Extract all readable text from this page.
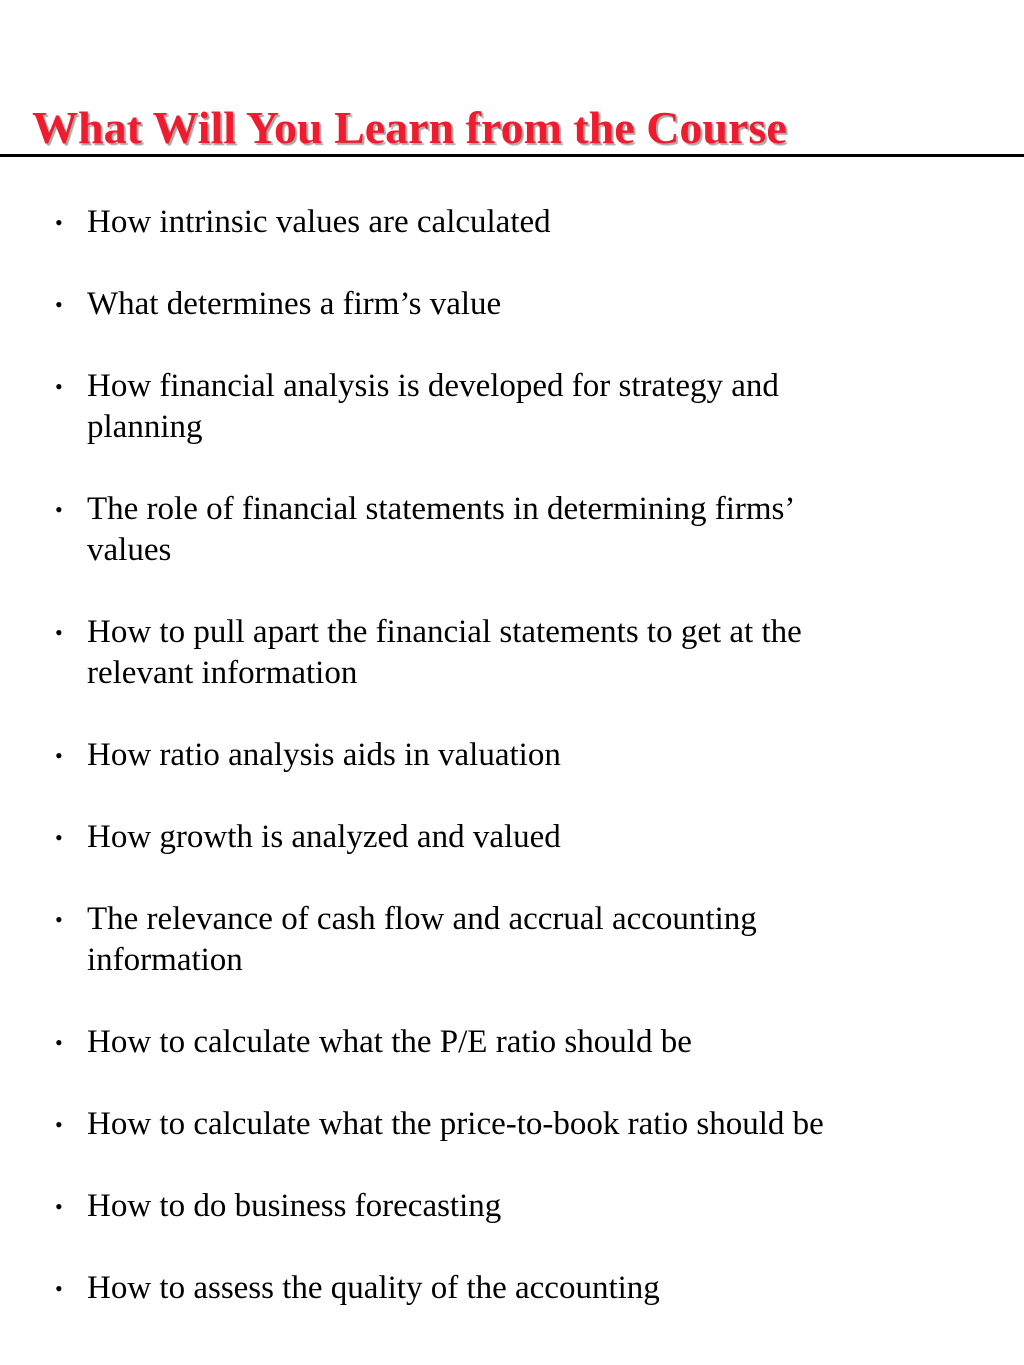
What Will You Learn from the Course
• How intrinsic values are calculated
• What determines a firm’s value
• How financial analysis is developed for strategy and
planning
• The role of financial statements in determining firms’
values
• How to pull apart the financial statements to get at the
relevant information
• How ratio analysis aids in valuation
• How growth is analyzed and valued
• The relevance of cash flow and accrual accounting
information
• How to calculate what the P/E ratio should be
• How to calculate what the price-to-book ratio should be
• How to do business forecasting
• How to assess the quality of the accounting
